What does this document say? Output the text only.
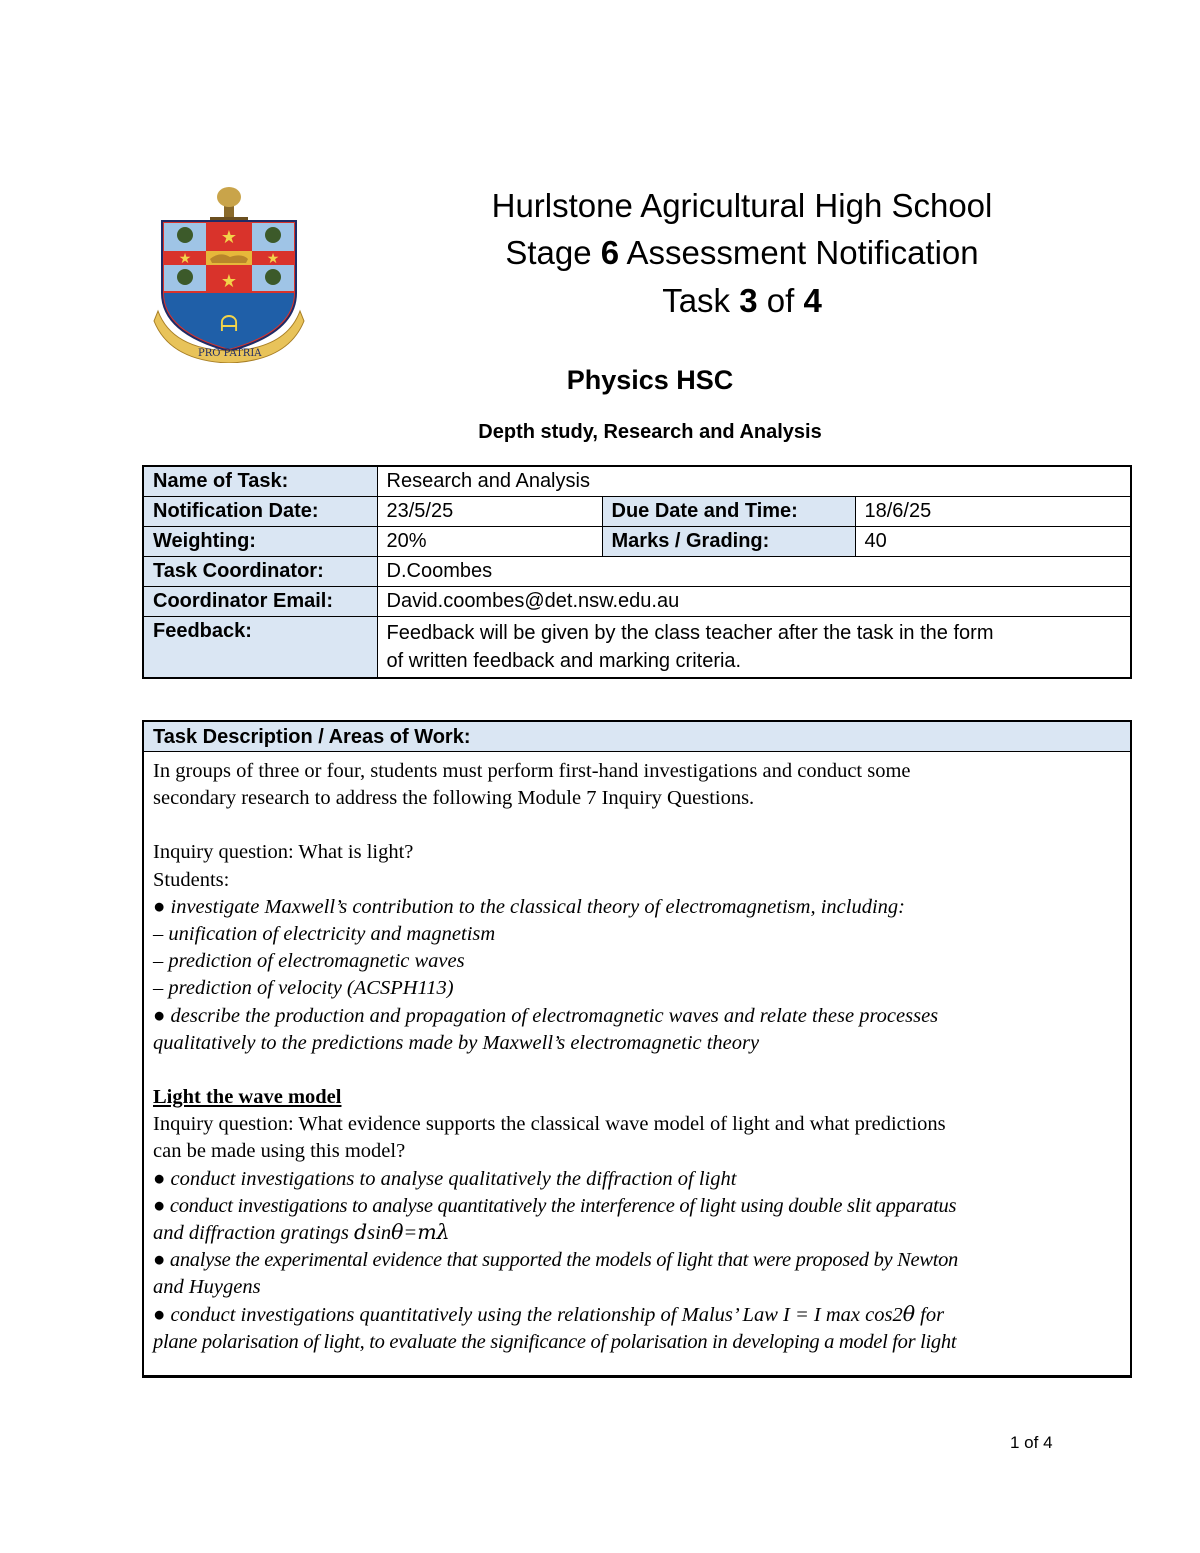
★
★
★	★
ᗩ
PRO PATRIA
Hurlstone Agricultural High School
Stage 6 Assessment Notification
Task 3 of 4
Physics HSC
Depth study, Research and Analysis
Name of Task:	Research and Analysis		
Notification Date:	23/5/25	Due Date and Time:	18/6/25
Weighting:	20%	Marks / Grading:	40
Task Coordinator:	D.Coombes		
Coordinator Email:	David.coombes@det.nsw.edu.au		
Feedback:	Feedback will be given by the class teacher after the task in the form
of written feedback and marking criteria.		
Task Description / Areas of Work:
In groups of three or four, students must perform first-hand investigations and conduct some
secondary research to address the following Module 7 Inquiry Questions.
Inquiry question: What is light?
Students:
● investigate Maxwell’s contribution to the classical theory of electromagnetism, including:
– unification of electricity and magnetism
– prediction of electromagnetic waves
– prediction of velocity (ACSPH113)
● describe the production and propagation of electromagnetic waves and relate these processes
qualitatively to the predictions made by Maxwell’s electromagnetic theory
Light the wave model
Inquiry question: What evidence supports the classical wave model of light and what predictions
can be made using this model?
● conduct investigations to analyse qualitatively the diffraction of light
● conduct investigations to analyse quantitatively the interference of light using double slit apparatus
and diffraction gratings 𝑑sin𝜃=𝑚𝜆
● analyse the experimental evidence that supported the models of light that were proposed by Newton
and Huygens
● conduct investigations quantitatively using the relationship of Malus’ Law I = I max cos2𝜃 for
plane polarisation of light, to evaluate the significance of polarisation in developing a model for light
1 of 4
